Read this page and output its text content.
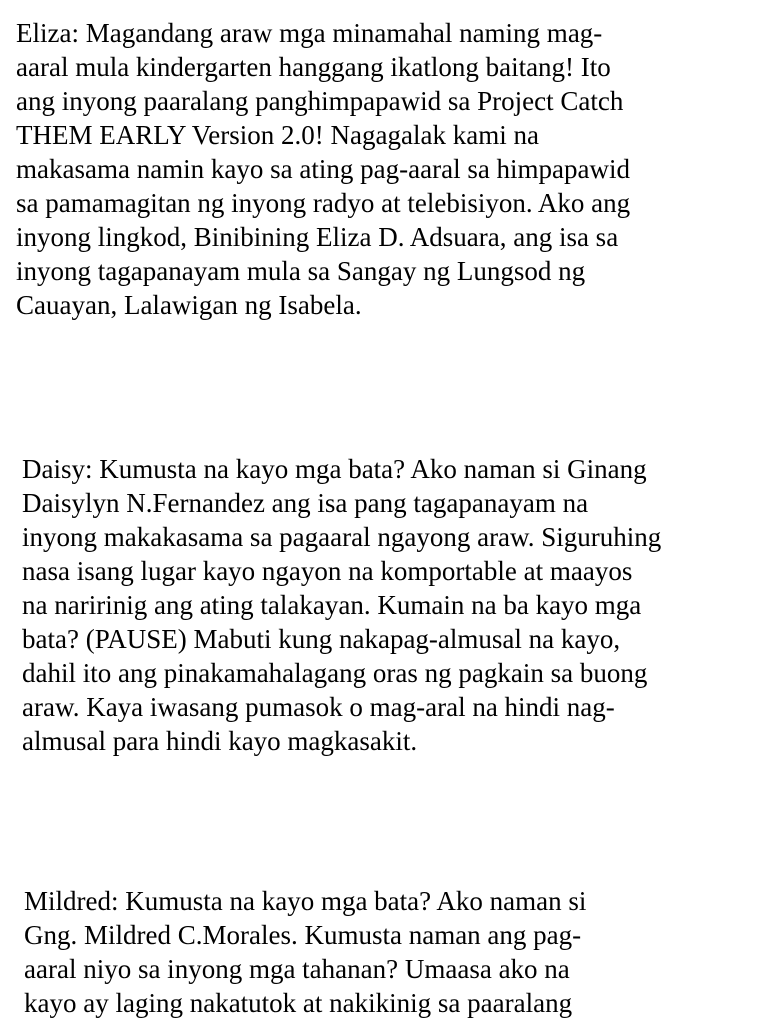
Eliza: Magandang araw mga minamahal naming mag-
aaral mula kindergarten hanggang ikatlong baitang! Ito
ang inyong paaralang panghimpapawid sa Project Catch
THEM EARLY Version 2.0! Nagagalak kami na
makasama namin kayo sa ating pag-aaral sa himpapawid
sa pamamagitan ng inyong radyo at telebisiyon. Ako ang
inyong lingkod, Binibining Eliza D. Adsuara, ang isa sa
inyong tagapanayam mula sa Sangay ng Lungsod ng
Cauayan, Lalawigan ng Isabela.
Daisy: Kumusta na kayo mga bata? Ako naman si Ginang
Daisylyn N.Fernandez ang isa pang tagapanayam na
inyong makakasama sa pagaaral ngayong araw. Siguruhing
nasa isang lugar kayo ngayon na komportable at maayos
na naririnig ang ating talakayan. Kumain na ba kayo mga
bata? (PAUSE) Mabuti kung nakapag-almusal na kayo,
dahil ito ang pinakamahalagang oras ng pagkain sa buong
araw. Kaya iwasang pumasok o mag-aral na hindi nag-
almusal para hindi kayo magkasakit.
Mildred: Kumusta na kayo mga bata? Ako naman si
Gng. Mildred C.Morales. Kumusta naman ang pag-
aaral niyo sa inyong mga tahanan? Umaasa ako na
kayo ay laging nakatutok at nakikinig sa paaralang
